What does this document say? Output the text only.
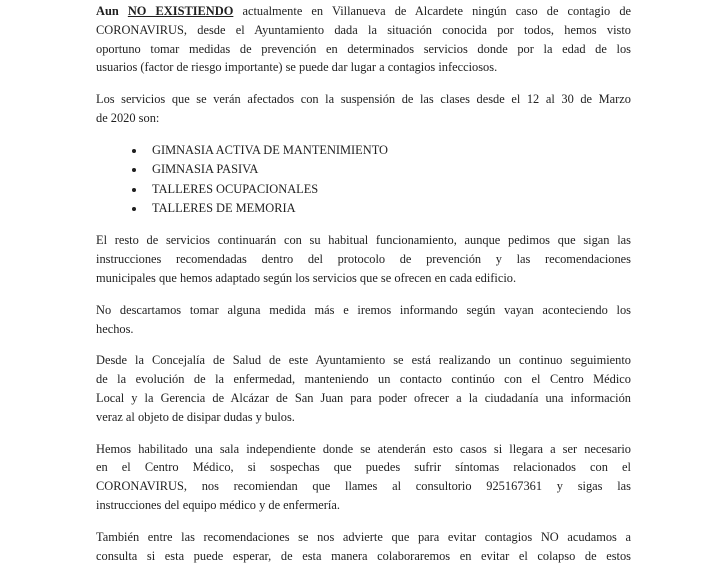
Aun NO EXISTIENDO actualmente en Villanueva de Alcardete ningún caso de contagio de
CORONAVIRUS, desde el Ayuntamiento dada la situación conocida por todos, hemos visto
oportuno tomar medidas de prevención en determinados servicios donde por la edad de los
usuarios (factor de riesgo importante) se puede dar lugar a contagios infecciosos.
Los servicios que se verán afectados con la suspensión de las clases desde el 12 al 30 de Marzo
de 2020 son:
• GIMNASIA ACTIVA DE MANTENIMIENTO
• GIMNASIA PASIVA
• TALLERES OCUPACIONALES
• TALLERES DE MEMORIA
El resto de servicios continuarán con su habitual funcionamiento, aunque pedimos que sigan las
instrucciones recomendadas dentro del protocolo de prevención y las recomendaciones
municipales que hemos adaptado según los servicios que se ofrecen en cada edificio.
No descartamos tomar alguna medida más e iremos informando según vayan aconteciendo los
hechos.
Desde la Concejalía de Salud de este Ayuntamiento se está realizando un continuo seguimiento
de la evolución de la enfermedad, manteniendo un contacto continúo con el Centro Médico
Local y la Gerencia de Alcázar de San Juan para poder ofrecer a la ciudadanía una información
veraz al objeto de disipar dudas y bulos.
Hemos habilitado una sala independiente donde se atenderán esto casos si llegara a ser necesario
en el Centro Médico, si sospechas que puedes sufrir síntomas relacionados con el
CORONAVIRUS, nos recomiendan que llames al consultorio 925167361 y sigas las
instrucciones del equipo médico y de enfermería.
También entre las recomendaciones se nos advierte que para evitar contagios NO acudamos a
consulta si esta puede esperar, de esta manera colaboraremos en evitar el colapso de estos
